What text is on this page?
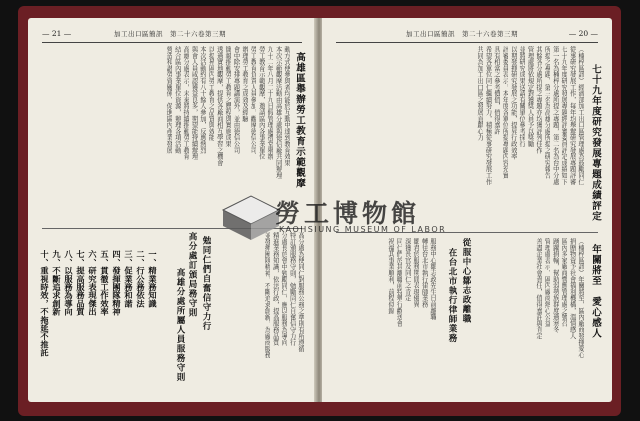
— 21 —	加工出口區簡訊　第二十六卷第三期
高雄區舉辦勞工教育示範觀摩
動方式使參與者均能於互動中達到教育效果
本次示範觀摩活動由高雄分處與德信廠共同辦理
九十二年八月二十九日假管理處禮堂舉辦
勞工教育示範觀摩，邀請區內各事業單位
勞工教育負責人員參加，觀摩德信公司
辦理勞工教育之成效及經驗
會中除安排專題講演外，並由德信公司
簡報推動勞工教育之歷程與實施成果
透過實地觀摩，提供各廠商相互學習之機會
以提昇區內勞工教育之品質與效能
本次活動約有八十餘人參加，反應熱烈
與會人員咸認獲益良多，期望能持續辦理
高雄分處表示，未來將持續推動勞工教育
結合區內事業單位資源，辦理各項活動
營造和諧勞資關係，促進區內產業發展
高分處訂頒局務守則 勉同仁們自奮信守力行	高分處為使同仁對服務公務之準則有所遵循
特訂頒服務守則，勉勵同仁自奮信守力行
分處長於會中勉勵同仁，應以服務為導向
精進業務知識，依法行政，提高服務品質
並發揮團隊精神，不斷追求創新，為廠商服務
高雄分處所屬人員服務守則
一、精業務知識
二、行公務依法
三、促業務和諧
四、發揮團隊精神
五、貫徹工作效率
六、研究表現傑出
七、提高服務品質
八、以服務為導向
九、不斷追求創新
十、重視時效，不拖延不推託
加工出口區簡訊　第二十六卷第三期	— 20 —
七十九年度研究發展專題成績評定
（楠梓區訊）經濟部加工出口區管理處為鼓勵同仁
從事研究發展工作，每年均舉辦研究發展專題評審
七十九年度研究發展專題經評審委員評定成績如下
第一名為楠梓分處所提之專題，第二名為台中分處
所提之專題，第三名為高雄分處所提之研究報告
其餘各分處所提之專題亦均獲評列佳作
管理處將依規定對獲獎人員予以獎勵
並將研究成果送請有關單位參考採行
以期發揮研究發展之功能，提昇行政效率
評審委員表示，本年度各單位所提專題內容充實
具有相當之參考價值，值得嘉許
希望各單位同仁繼續努力，積極從事研究發展工作
共同為加工出口區之發展貢獻心力
年關將至　愛心感人
（楠梓區訊）年關將至，區內廠商發揮愛心
捐贈物資予社會福利機構，溫情感人
區內多家廠商響應管理處之號召
踴躍捐輸，幫助弱勢族群度過寒冬
管理處表示，區內廠商熱心公益
善盡企業社會責任，值得嘉許與肯定
從服中心鄒志政離職
在台北市執行律師業務
服務中心鄒志政先生日前離職
轉往台北市執行律師業務
鄒君於服務期間表現優異
深獲長官及同仁之肯定
同仁們於其離職前特舉行歡送會
祝福其事業順利，前程似錦
勞工博物館
KAOHSIUNG MUSEUM OF LABOR
